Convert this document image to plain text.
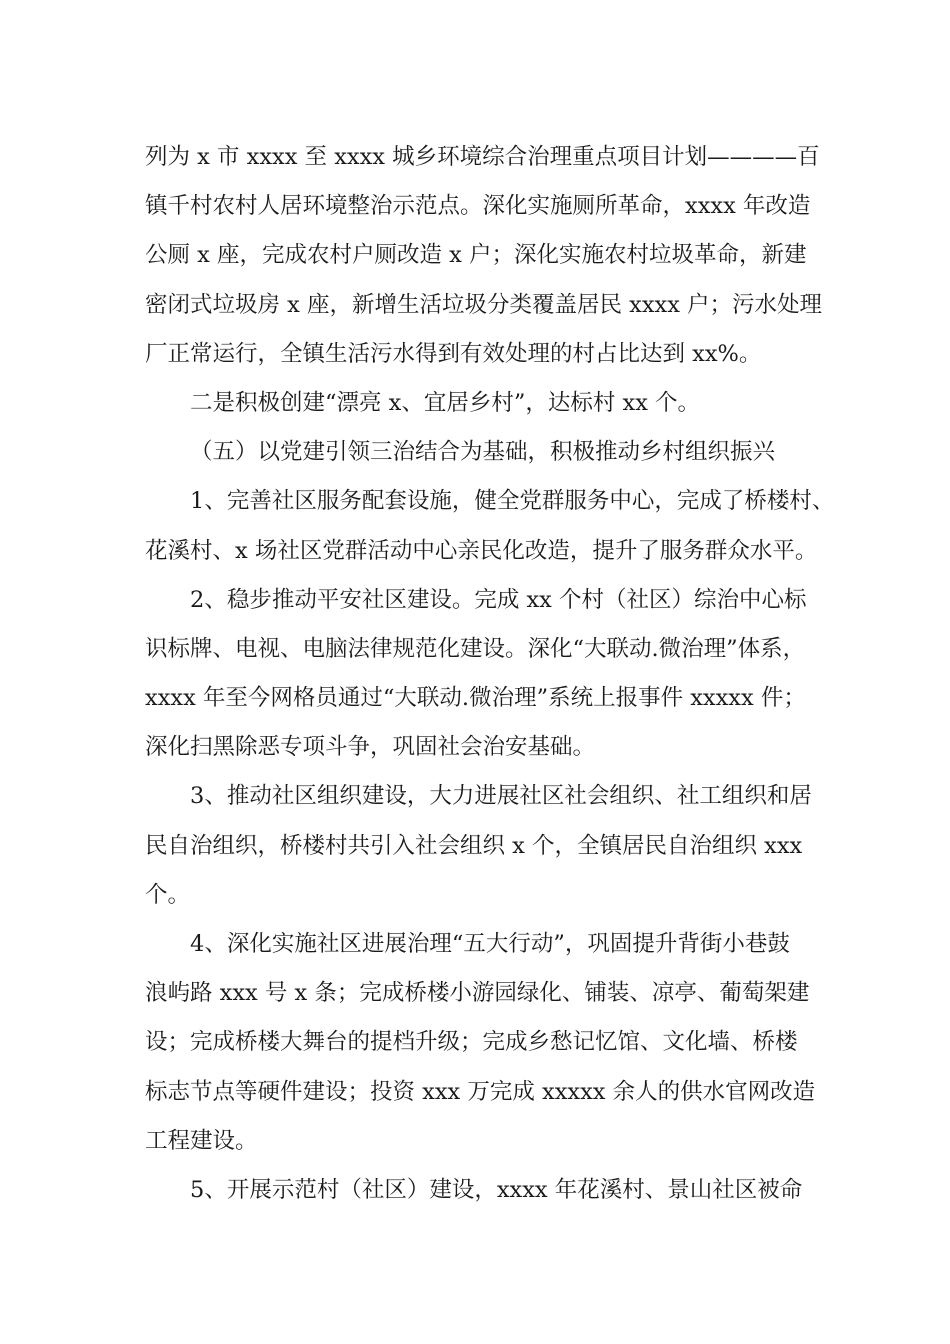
列为 x 市 xxxx 至 xxxx 城乡环境综合治理重点项目计划————百
镇千村农村人居环境整治示范点。深化实施厕所革命，xxxx 年改造
公厕 x 座，完成农村户厕改造 x 户；深化实施农村垃圾革命，新建
密闭式垃圾房 x 座，新增生活垃圾分类覆盖居民 xxxx 户；污水处理
厂正常运行，全镇生活污水得到有效处理的村占比达到 xx%。
二是积极创建“漂亮 x、宜居乡村”，达标村 xx 个。
（五）以党建引领三治结合为基础，积极推动乡村组织振兴
1、完善社区服务配套设施，健全党群服务中心，完成了桥楼村、
花溪村、x 场社区党群活动中心亲民化改造，提升了服务群众水平。
2、稳步推动平安社区建设。完成 xx 个村（社区）综治中心标
识标牌、电视、电脑法律规范化建设。深化“大联动.微治理”体系，
xxxx 年至今网格员通过“大联动.微治理”系统上报事件 xxxxx 件；
深化扫黑除恶专项斗争，巩固社会治安基础。
3、推动社区组织建设，大力进展社区社会组织、社工组织和居
民自治组织，桥楼村共引入社会组织 x 个，全镇居民自治组织 xxx
个。
4、深化实施社区进展治理“五大行动”，巩固提升背街小巷鼓
浪屿路 xxx 号 x 条；完成桥楼小游园绿化、铺装、凉亭、葡萄架建
设；完成桥楼大舞台的提档升级；完成乡愁记忆馆、文化墙、桥楼
标志节点等硬件建设；投资 xxx 万完成 xxxxx 余人的供水官网改造
工程建设。
5、开展示范村（社区）建设，xxxx 年花溪村、景山社区被命
